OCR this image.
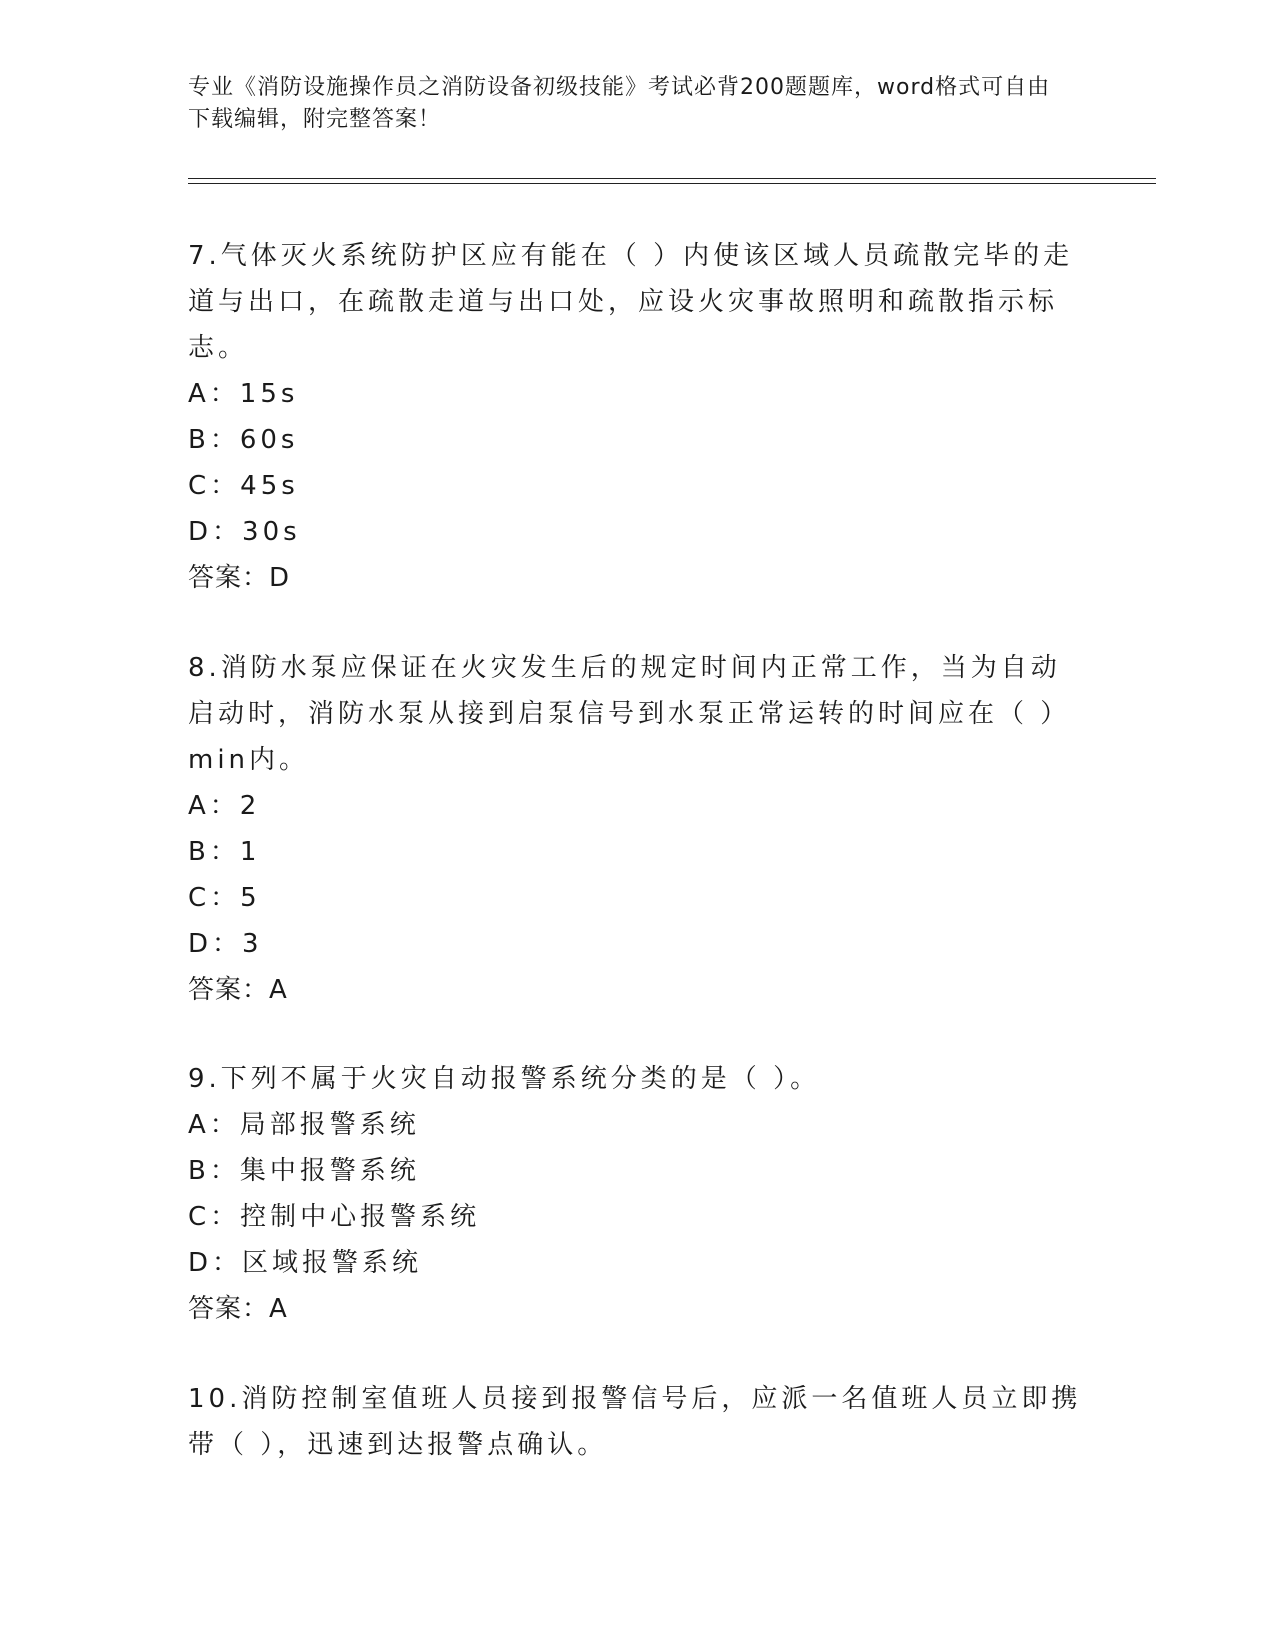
专业《消防设施操作员之消防设备初级技能》考试必背200题题库，word格式可自由下载编辑，附完整答案！
7.气体灭火系统防护区应有能在（ ）内使该区域人员疏散完毕的走道与出口，在疏散走道与出口处，应设火灾事故照明和疏散指示标志。
A：15s
B：60s
C：45s
D：30s
答案：D
8.消防水泵应保证在火灾发生后的规定时间内正常工作，当为自动启动时，消防水泵从接到启泵信号到水泵正常运转的时间应在（ ）min内。
A：2
B：1
C：5
D：3
答案：A
9.下列不属于火灾自动报警系统分类的是（ ）。
A：局部报警系统
B：集中报警系统
C：控制中心报警系统
D：区域报警系统
答案：A
10.消防控制室值班人员接到报警信号后，应派一名值班人员立即携带（ ），迅速到达报警点确认。
